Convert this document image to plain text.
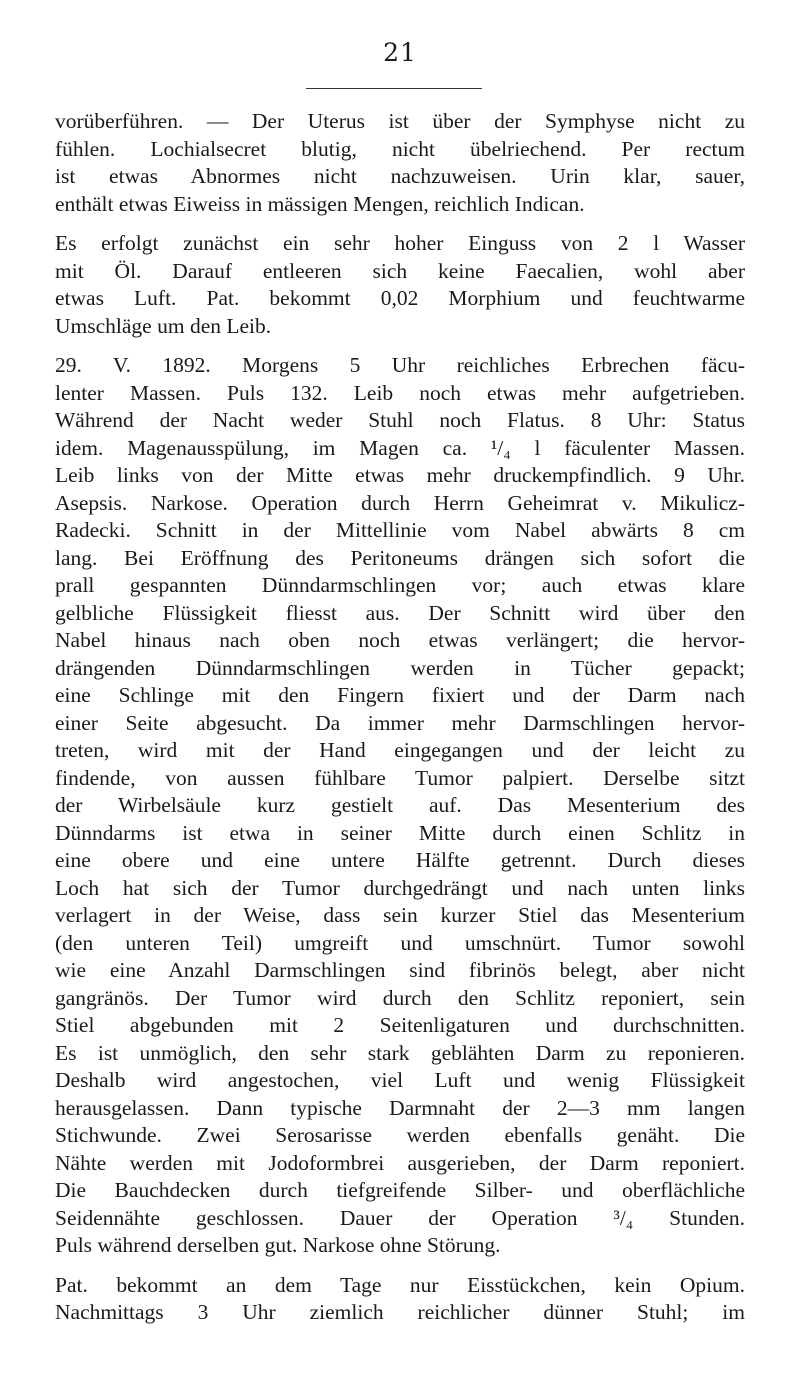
21

vorüberführen. — Der Uterus ist über der Symphyse nicht zu
fühlen. Lochialsecret blutig, nicht übelriechend. Per rectum
ist etwas Abnormes nicht nachzuweisen. Urin klar, sauer,
enthält etwas Eiweiss in mässigen Mengen, reichlich Indican.

Es erfolgt zunächst ein sehr hoher Einguss von 2 l Wasser
mit Öl. Darauf entleeren sich keine Faecalien, wohl aber
etwas Luft. Pat. bekommt 0,02 Morphium und feuchtwarme
Umschläge um den Leib.

29. V. 1892. Morgens 5 Uhr reichliches Erbrechen fäcu-
lenter Massen. Puls 132. Leib noch etwas mehr aufgetrieben.
Während der Nacht weder Stuhl noch Flatus. 8 Uhr: Status
idem. Magenausspülung, im Magen ca. ¹/₄ l fäculenter Massen.
Leib links von der Mitte etwas mehr druckempfindlich. 9 Uhr.
Asepsis. Narkose. Operation durch Herrn Geheimrat v. Mikulicz-
Radecki. Schnitt in der Mittellinie vom Nabel abwärts 8 cm
lang. Bei Eröffnung des Peritoneums drängen sich sofort die
prall gespannten Dünndarmschlingen vor; auch etwas klare
gelbliche Flüssigkeit fliesst aus. Der Schnitt wird über den
Nabel hinaus nach oben noch etwas verlängert; die hervor-
drängenden Dünndarmschlingen werden in Tücher gepackt;
eine Schlinge mit den Fingern fixiert und der Darm nach
einer Seite abgesucht. Da immer mehr Darmschlingen hervor-
treten, wird mit der Hand eingegangen und der leicht zu
findende, von aussen fühlbare Tumor palpiert. Derselbe sitzt
der Wirbelsäule kurz gestielt auf. Das Mesenterium des
Dünndarms ist etwa in seiner Mitte durch einen Schlitz in
eine obere und eine untere Hälfte getrennt. Durch dieses
Loch hat sich der Tumor durchgedrängt und nach unten links
verlagert in der Weise, dass sein kurzer Stiel das Mesenterium
(den unteren Teil) umgreift und umschnürt. Tumor sowohl
wie eine Anzahl Darmschlingen sind fibrinös belegt, aber nicht
gangränös. Der Tumor wird durch den Schlitz reponiert, sein
Stiel abgebunden mit 2 Seitenligaturen und durchschnitten.
Es ist unmöglich, den sehr stark geblähten Darm zu reponieren.
Deshalb wird angestochen, viel Luft und wenig Flüssigkeit
herausgelassen. Dann typische Darmnaht der 2—3 mm langen
Stichwunde. Zwei Serosarisse werden ebenfalls genäht. Die
Nähte werden mit Jodoformbrei ausgerieben, der Darm reponiert.
Die Bauchdecken durch tiefgreifende Silber- und oberflächliche
Seidennähte geschlossen. Dauer der Operation ³/₄ Stunden.
Puls während derselben gut. Narkose ohne Störung.

Pat. bekommt an dem Tage nur Eisstückchen, kein Opium.
Nachmittags 3 Uhr ziemlich reichlicher dünner Stuhl; im
